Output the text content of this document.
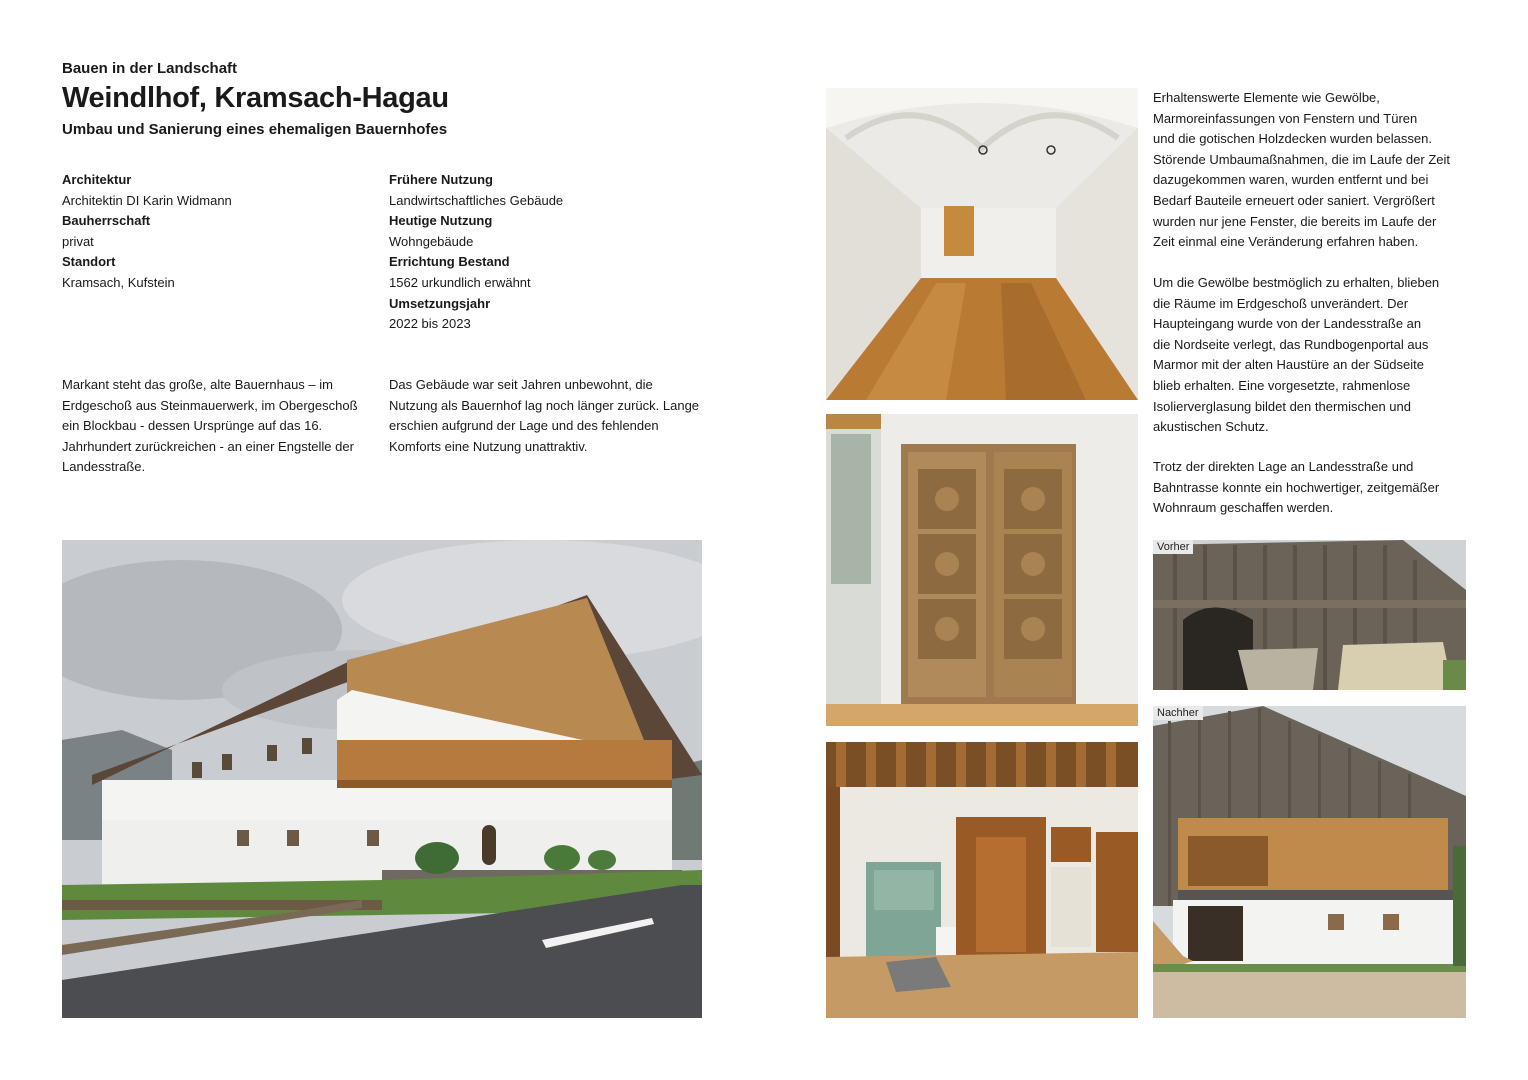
Bauen in der Landschaft
Weindlhof, Kramsach-Hagau
Umbau und Sanierung eines ehemaligen Bauernhofes
Architektur
Architektin DI Karin Widmann
Bauherrschaft
privat
Standort
Kramsach, Kufstein
Frühere Nutzung
Landwirtschaftliches Gebäude
Heutige Nutzung
Wohngebäude
Errichtung Bestand
1562 urkundlich erwähnt
Umsetzungsjahr
2022 bis 2023
Markant steht das große, alte Bauernhaus – im
Erdgeschoß aus Steinmauerwerk, im Obergeschoß
ein Blockbau - dessen Ursprünge auf das 16.
Jahrhundert zurückreichen - an einer Engstelle der
Landesstraße.
Das Gebäude war seit Jahren unbewohnt, die
Nutzung als Bauernhof lag noch länger zurück. Lange
erschien aufgrund der Lage und des fehlenden
Komforts eine Nutzung unattraktiv.
Erhaltenswerte Elemente wie Gewölbe,
Marmoreinfassungen von Fenstern und Türen
und die gotischen Holzdecken wurden belassen.
Störende Umbaumaßnahmen, die im Laufe der Zeit
dazugekommen waren, wurden entfernt und bei
Bedarf Bauteile erneuert oder saniert. Vergrößert
wurden nur jene Fenster, die bereits im Laufe der
Zeit einmal eine Veränderung erfahren haben.
Um die Gewölbe bestmöglich zu erhalten, blieben
die Räume im Erdgeschoß unverändert. Der
Haupteingang wurde von der Landesstraße an
die Nordseite verlegt, das Rundbogenportal aus
Marmor mit der alten Haustüre an der Südseite
blieb erhalten. Eine vorgesetzte, rahmenlose
Isolierverglasung bildet den thermischen und
akustischen Schutz.
Trotz der direkten Lage an Landesstraße und
Bahntrasse konnte ein hochwertiger, zeitgemäßer
Wohnraum geschaffen werden.
Vorher
Nachher
